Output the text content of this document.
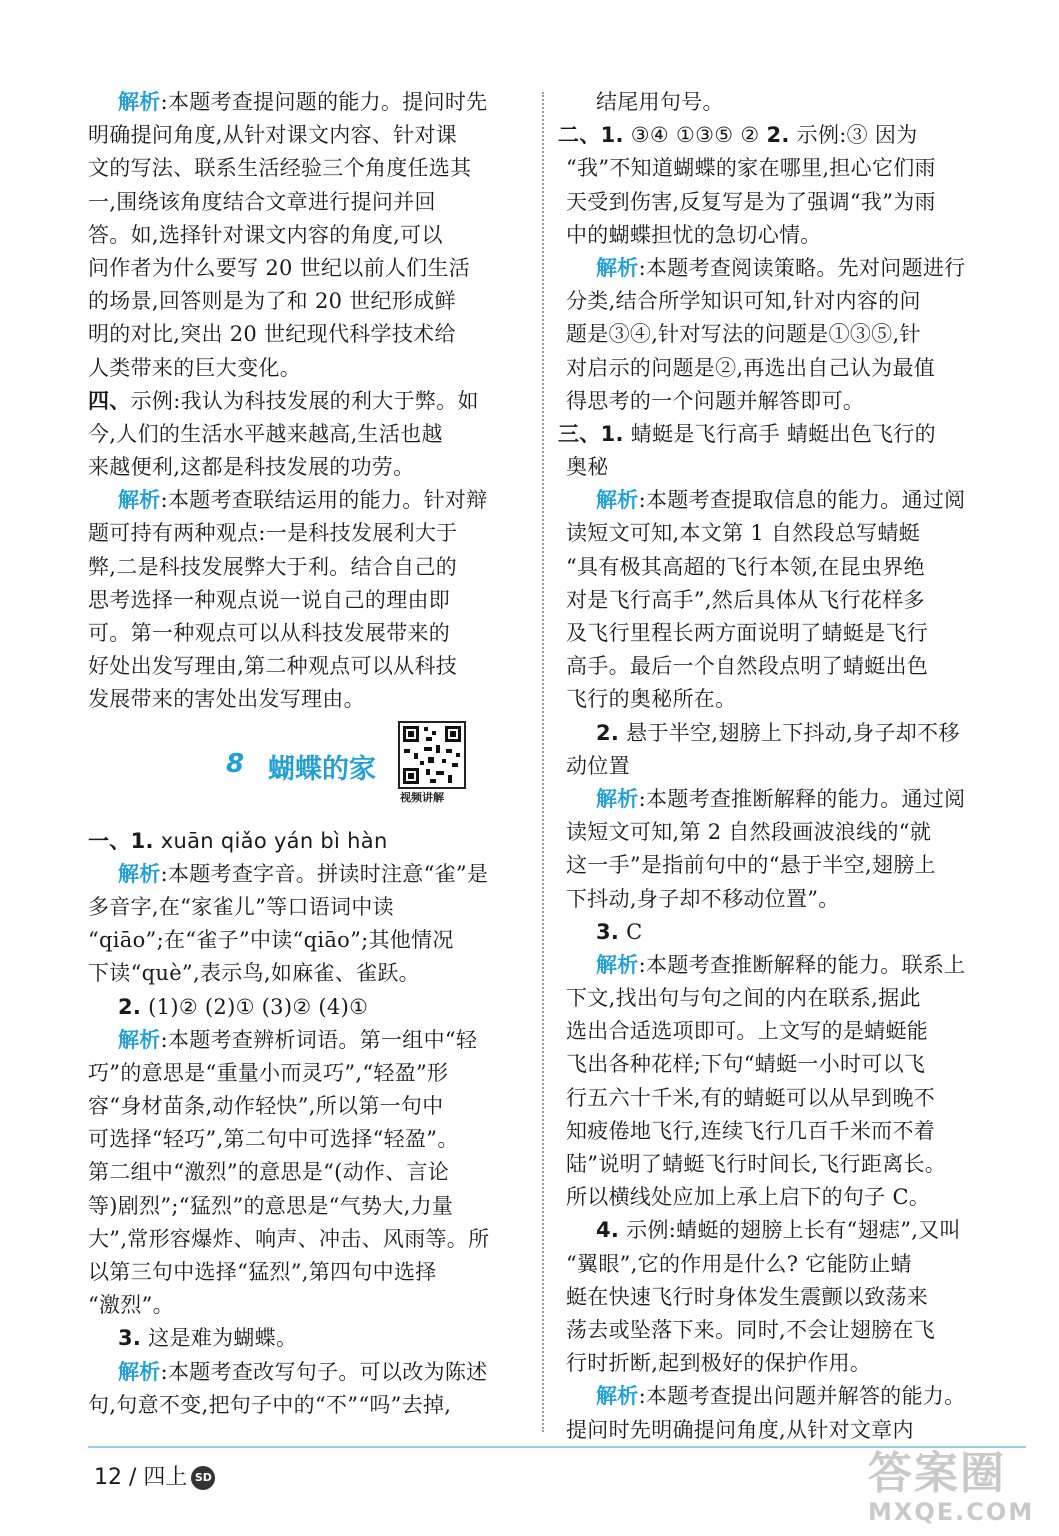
解析:本题考查提问题的能力。提问时先
明确提问角度,从针对课文内容、针对课
文的写法、联系生活经验三个角度任选其
一,围绕该角度结合文章进行提问并回
答。如,选择针对课文内容的角度,可以
问作者为什么要写 20 世纪以前人们生活
的场景,回答则是为了和 20 世纪形成鲜
明的对比,突出 20 世纪现代科学技术给
人类带来的巨大变化。
四、示例:我认为科技发展的利大于弊。如
今,人们的生活水平越来越高,生活也越
来越便利,这都是科技发展的功劳。
解析:本题考查联结运用的能力。针对辩
题可持有两种观点:一是科技发展利大于
弊,二是科技发展弊大于利。结合自己的
思考选择一种观点说一说自己的理由即
可。第一种观点可以从科技发展带来的
好处出发写理由,第二种观点可以从科技
发展带来的害处出发写理由。
8 蝴蝶的家
视频讲解
一、1. xuān qiǎo yán bì hàn
解析:本题考查字音。拼读时注意“雀”是
多音字,在“家雀儿”等口语词中读
“qiāo”;在“雀子”中读“qiāo”;其他情况
下读“què”,表示鸟,如麻雀、雀跃。
2. (1)② (2)① (3)② (4)①
解析:本题考查辨析词语。第一组中“轻
巧”的意思是“重量小而灵巧”,“轻盈”形
容“身材苗条,动作轻快”,所以第一句中
可选择“轻巧”,第二句中可选择“轻盈”。
第二组中“激烈”的意思是“(动作、言论
等)剧烈”;“猛烈”的意思是“气势大,力量
大”,常形容爆炸、响声、冲击、风雨等。所
以第三句中选择“猛烈”,第四句中选择
“激烈”。
3. 这是难为蝴蝶。
解析:本题考查改写句子。可以改为陈述
句,句意不变,把句子中的“不”“吗”去掉,
结尾用句号。
二、1. ③④ ①③⑤ ② 2. 示例:③ 因为
“我”不知道蝴蝶的家在哪里,担心它们雨
天受到伤害,反复写是为了强调“我”为雨
中的蝴蝶担忧的急切心情。
解析:本题考查阅读策略。先对问题进行
分类,结合所学知识可知,针对内容的问
题是③④,针对写法的问题是①③⑤,针
对启示的问题是②,再选出自己认为最值
得思考的一个问题并解答即可。
三、1. 蜻蜓是飞行高手 蜻蜓出色飞行的
奥秘
解析:本题考查提取信息的能力。通过阅
读短文可知,本文第 1 自然段总写蜻蜓
“具有极其高超的飞行本领,在昆虫界绝
对是飞行高手”,然后具体从飞行花样多
及飞行里程长两方面说明了蜻蜓是飞行
高手。最后一个自然段点明了蜻蜓出色
飞行的奥秘所在。
2. 悬于半空,翅膀上下抖动,身子却不移
动位置
解析:本题考查推断解释的能力。通过阅
读短文可知,第 2 自然段画波浪线的“就
这一手”是指前句中的“悬于半空,翅膀上
下抖动,身子却不移动位置”。
3. C
解析:本题考查推断解释的能力。联系上
下文,找出句与句之间的内在联系,据此
选出合适选项即可。上文写的是蜻蜓能
飞出各种花样;下句“蜻蜓一小时可以飞
行五六十千米,有的蜻蜓可以从早到晚不
知疲倦地飞行,连续飞行几百千米而不着
陆”说明了蜻蜓飞行时间长,飞行距离长。
所以横线处应加上承上启下的句子 C。
4. 示例:蜻蜓的翅膀上长有“翅痣”,又叫
“翼眼”,它的作用是什么? 它能防止蜻
蜓在快速飞行时身体发生震颤以致荡来
荡去或坠落下来。同时,不会让翅膀在飞
行时折断,起到极好的保护作用。
解析:本题考查提出问题并解答的能力。
提问时先明确提问角度,从针对文章内
12 / 四上 SD	答案圈
MXQE.COM
